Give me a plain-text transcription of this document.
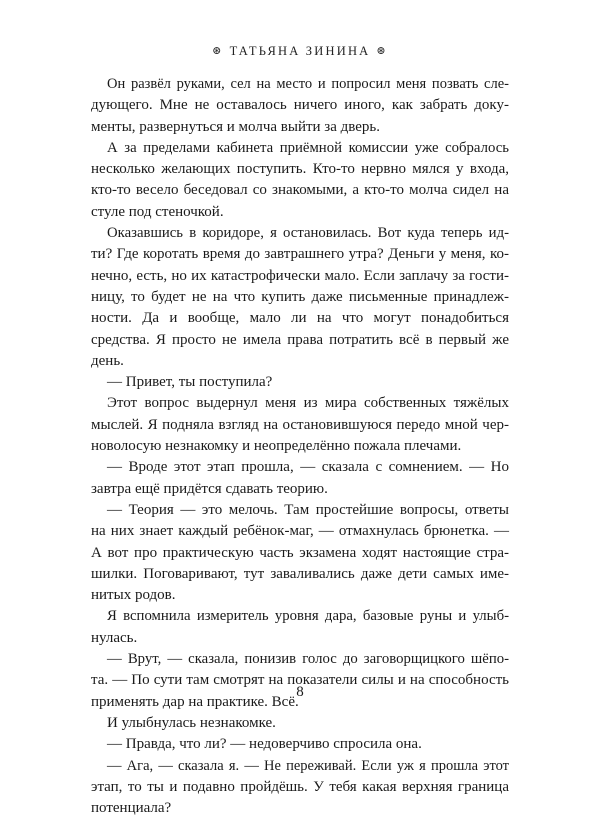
⊛ ТАТЬЯНА ЗИНИНА ⊛
Он развёл руками, сел на место и попросил меня позвать сле-
дующего. Мне не оставалось ничего иного, как забрать доку-
менты, развернуться и молча выйти за дверь.
А за пределами кабинета приёмной комиссии уже собралось
несколько желающих поступить. Кто-то нервно мялся у входа,
кто-то весело беседовал со знакомыми, а кто-то молча сидел на
стуле под стеночкой.
Оказавшись в коридоре, я остановилась. Вот куда теперь ид-
ти? Где коротать время до завтрашнего утра? Деньги у меня, ко-
нечно, есть, но их катастрофически мало. Если заплачу за гости-
ницу, то будет не на что купить даже письменные принадлеж-
ности. Да и вообще, мало ли на что могут понадобиться
средства. Я просто не имела права потратить всё в первый же
день.
— Привет, ты поступила?
Этот вопрос выдернул меня из мира собственных тяжёлых
мыслей. Я подняла взгляд на остановившуюся передо мной чер-
новолосую незнакомку и неопределённо пожала плечами.
— Вроде этот этап прошла, — сказала с сомнением. — Но
завтра ещё придётся сдавать теорию.
— Теория — это мелочь. Там простейшие вопросы, ответы
на них знает каждый ребёнок-маг, — отмахнулась брюнетка. —
А вот про практическую часть экзамена ходят настоящие стра-
шилки. Поговаривают, тут заваливались даже дети самых име-
нитых родов.
Я вспомнила измеритель уровня дара, базовые руны и улыб-
нулась.
— Врут, — сказала, понизив голос до заговорщицкого шёпо-
та. — По сути там смотрят на показатели силы и на способность
применять дар на практике. Всё.
И улыбнулась незнакомке.
— Правда, что ли? — недоверчиво спросила она.
— Ага, — сказала я. — Не переживай. Если уж я прошла этот
этап, то ты и подавно пройдёшь. У тебя какая верхняя граница
потенциала?
8
